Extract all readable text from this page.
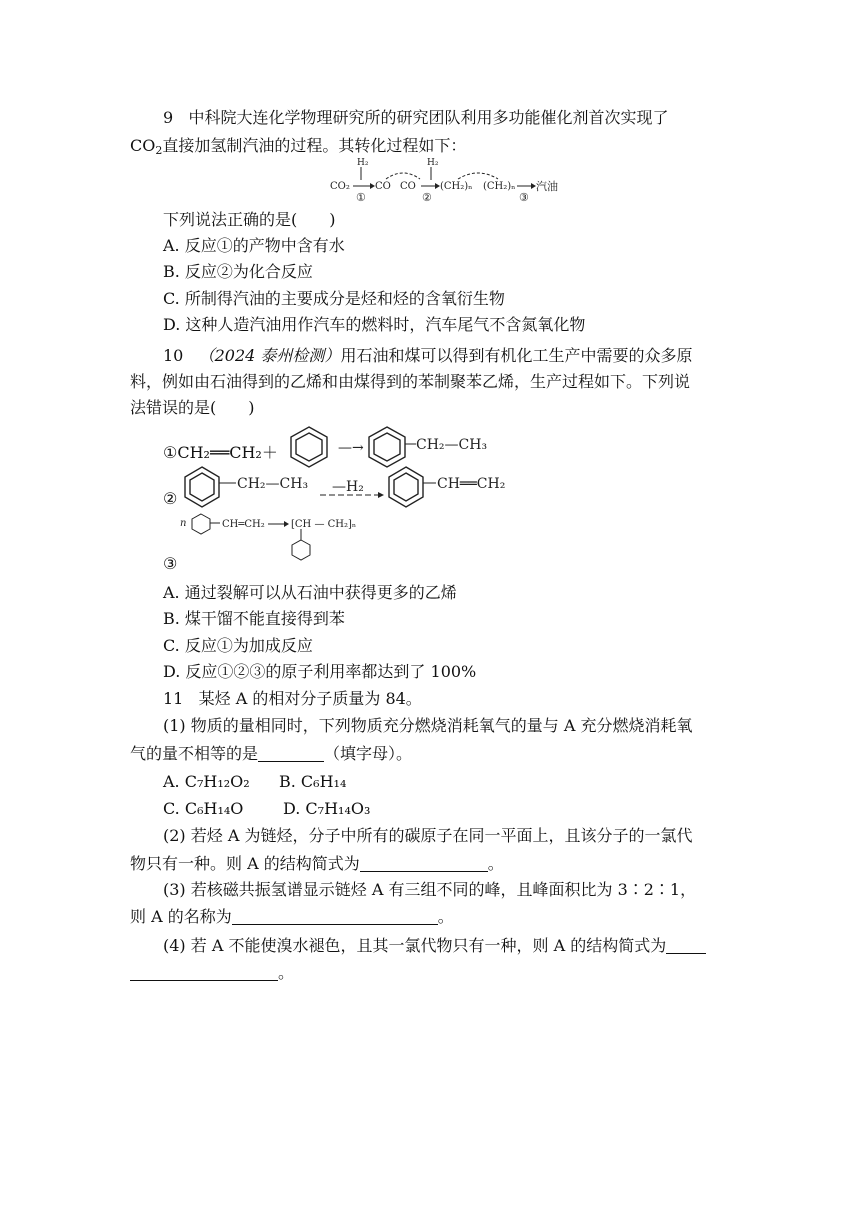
9 中科院大连化学物理研究所的研究团队利用多功能催化剂首次实现了
$CO_2$直接加氢制汽油的过程。其转化过程如下：
H₂	H₂
CO₂	CO CO (CH₂)ₙ (CH₂)ₙ 汽油
①	②	③
下列说法正确的是(　　)
A. 反应①的产物中含有水
B. 反应②为化合反应
C. 所制得汽油的主要成分是烃和烃的含氧衍生物
D. 这种人造汽油用作汽车的燃料时，汽车尾气不含氮氧化物
10 （2024 泰州检测）用石油和煤可以得到有机化工生产中需要的众多原
料，例如由石油得到的乙烯和由煤得到的苯制聚苯乙烯，生产过程如下。下列说
法错误的是(　　)
①CH₂══CH₂＋	—→	CH₂—CH₃
②
CH₂—CH₃ —H₂	CH══CH₂
n	CH═CH₂	[CH — CH₂]ₙ
③
A. 通过裂解可以从石油中获得更多的乙烯
B. 煤干馏不能直接得到苯
C. 反应①为加成反应
D. 反应①②③的原子利用率都达到了 100%
11 某烃 A 的相对分子质量为 84。
(1) 物质的量相同时，下列物质充分燃烧消耗氧气的量与 A 充分燃烧消耗氧
气的量不相等的是	（填字母）。
A. C₇H₁₂O₂ B. C₆H₁₄
C. C₆H₁₄O D. C₇H₁₄O₃
(2) 若烃 A 为链烃，分子中所有的碳原子在同一平面上，且该分子的一氯代
物只有一种。则 A 的结构简式为	。
(3) 若核磁共振氢谱显示链烃 A 有三组不同的峰，且峰面积比为 3∶2∶1，
则 A 的名称为	。
(4) 若 A 不能使溴水褪色，且其一氯代物只有一种，则 A 的结构简式为
。
